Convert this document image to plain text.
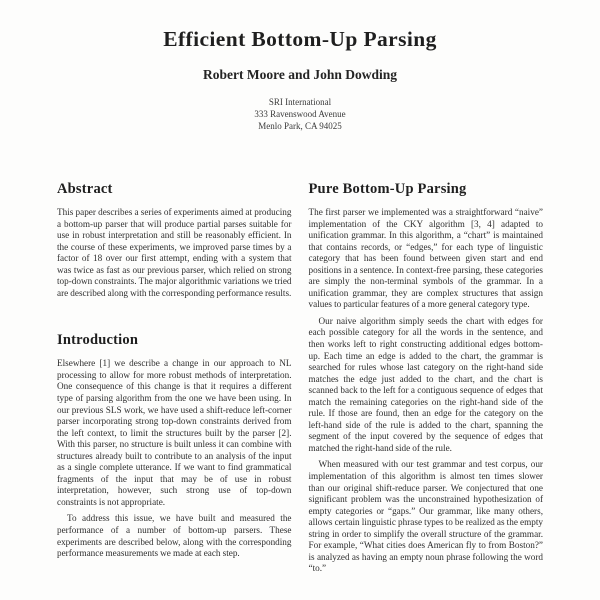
Efficient Bottom-Up Parsing
Robert Moore and John Dowding
SRI International
333 Ravenswood Avenue
Menlo Park, CA 94025
Abstract

This paper describes a series of experiments aimed at producing a bottom-up parser that will produce partial parses suitable for use in robust interpretation and still be reasonably efficient. In the course of these experiments, we improved parse times by a factor of 18 over our first attempt, ending with a system that was twice as fast as our previous parser, which relied on strong top-down constraints. The major algorithmic variations we tried are described along with the corresponding performance results.

Introduction

Elsewhere [1] we describe a change in our approach to NL processing to allow for more robust methods of interpretation. One consequence of this change is that it requires a different type of parsing algorithm from the one we have been using. In our previous SLS work, we have used a shift-reduce left-corner parser incorporating strong top-down constraints derived from the left context, to limit the structures built by the parser [2]. With this parser, no structure is built unless it can combine with structures already built to contribute to an analysis of the input as a single complete utterance. If we want to find grammatical fragments of the input that may be of use in robust interpretation, however, such strong use of top-down constraints is not appropriate.

To address this issue, we have built and measured the performance of a number of bottom-up parsers. These experiments are described below, along with the corresponding performance measurements we made at each step.

Pure Bottom-Up Parsing

The first parser we implemented was a straightforward “naive” implementation of the CKY algorithm [3, 4] adapted to unification grammar. In this algorithm, a “chart” is maintained that contains records, or “edges,” for each type of linguistic category that has been found between given start and end positions in a sentence. In context-free parsing, these categories are simply the non-terminal symbols of the grammar. In a unification grammar, they are complex structures that assign values to particular features of a more general category type.

Our naive algorithm simply seeds the chart with edges for each possible category for all the words in the sentence, and then works left to right constructing additional edges bottom-up. Each time an edge is added to the chart, the grammar is searched for rules whose last category on the right-hand side matches the edge just added to the chart, and the chart is scanned back to the left for a contiguous sequence of edges that match the remaining categories on the right-hand side of the rule. If those are found, then an edge for the category on the left-hand side of the rule is added to the chart, spanning the segment of the input covered by the sequence of edges that matched the right-hand side of the rule.

When measured with our test grammar and test corpus, our implementation of this algorithm is almost ten times slower than our original shift-reduce parser. We conjectured that one significant problem was the unconstrained hypothesization of empty categories or “gaps.” Our grammar, like many others, allows certain linguistic phrase types to be realized as the empty string in order to simplify the overall structure of the grammar. For example, “What cities does American fly to from Boston?” is analyzed as having an empty noun phrase following the word “to.”
